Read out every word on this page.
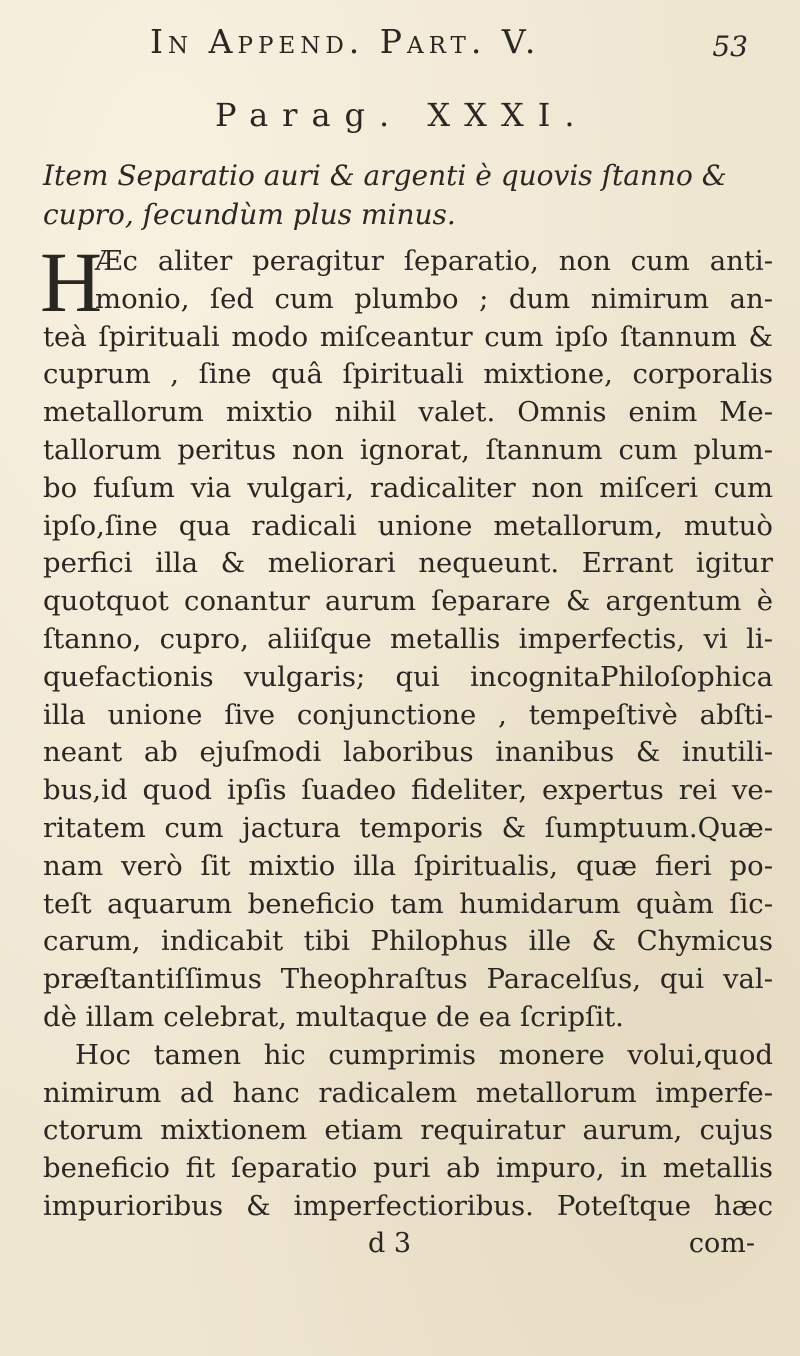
In Append. Part. V.	53
Parag. XXXI.
Item Separatio auri & argenti è quovis ſtanno &
cupro, ſecundùm plus minus.
H
Æc aliter peragitur ſeparatio, non cum anti-
monio, ſed cum plumbo ; dum nimirum an-
teà ſpirituali modo miſceantur cum ipſo ſtannum &
cuprum , ſine quâ ſpirituali mixtione, corporalis
metallorum mixtio nihil valet. Omnis enim Me-
tallorum peritus non ignorat, ſtannum cum plum-
bo fuſum via vulgari, radicaliter non miſceri cum
ipſo,ſine qua radicali unione metallorum, mutuò
perfici illa & meliorari nequeunt. Errant igitur
quotquot conantur aurum ſeparare & argentum è
ſtanno, cupro, aliiſque metallis imperfectis, vi li-
quefactionis vulgaris; qui incognitaPhiloſophica
illa unione ſive conjunctione , tempeſtivè abſti-
neant ab ejuſmodi laboribus inanibus & inutili-
bus,id quod ipſis ſuadeo fideliter, expertus rei ve-
ritatem cum jactura temporis & ſumptuum.Quæ-
nam verò ſit mixtio illa ſpiritualis, quæ fieri po-
teſt aquarum beneficio tam humidarum quàm ſic-
carum, indicabit tibi Philophus ille & Chymicus
præſtantiſſimus Theophraſtus Paracelſus, qui val-
dè illam celebrat, multaque de ea ſcripſit.
Hoc tamen hic cumprimis monere volui,quod
nimirum ad hanc radicalem metallorum imperfe-
ctorum mixtionem etiam requiratur aurum, cujus
beneficio fit ſeparatio puri ab impuro, in metallis
impurioribus & imperfectioribus. Poteſtque hæc
d 3	com-
